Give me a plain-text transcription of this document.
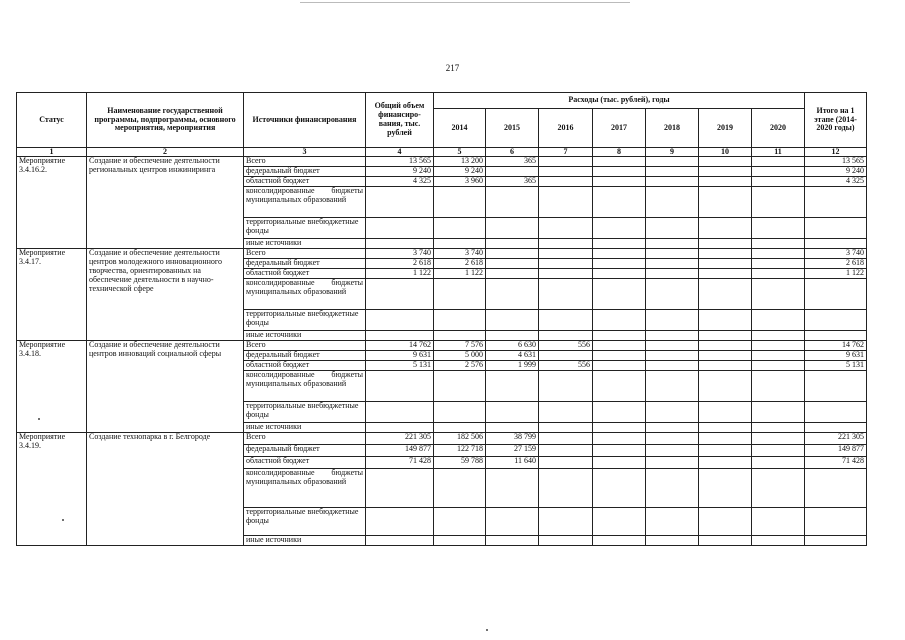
217
Статус	Наименование государственной программы, подпрограммы, основного мероприятия, мероприятия	Источники финансирования	Общий объем финансиро-вания, тыс. рублей	Расходы (тыс. рублей), годы							Итого на 1 этапе (2014-2020 годы)
				2014	2015	2016	2017	2018	2019	2020	
1	2	3	4	5	6	7	8	9	10	11	12
Мероприятие 3.4.16.2.	Создание и обеспечение деятельности региональных центров инжиниринга	Всего	13 565	13 200	365						13 565
		федеральный бюджет	9 240	9 240							9 240
		областной бюджет	4 325	3 960	365						4 325
		консолидированные бюджеты муниципальных образований									
		территориальные внебюджетные фонды									
		иные источники									
Мероприятие 3.4.17.	Создание и обеспечение деятельности центров молодежного инновационного творчества, ориентированных на обеспечение деятельности в научно-технической сфере	Всего	3 740	3 740							3 740
		федеральный бюджет	2 618	2 618							2 618
		областной бюджет	1 122	1 122							1 122
		консолидированные бюджеты муниципальных образований									
		территориальные внебюджетные фонды									
		иные источники									
Мероприятие 3.4.18.	Создание и обеспечение деятельности центров инноваций социальной сферы	Всего	14 762	7 576	6 630	556					14 762
		федеральный бюджет	9 631	5 000	4 631						9 631
		областной бюджет	5 131	2 576	1 999	556					5 131
		консолидированные бюджеты муниципальных образований									
		территориальные внебюджетные фонды									
		иные источники									
Мероприятие 3.4.19.	Создание технопарка в г. Белгороде	Всего	221 305	182 506	38 799						221 305
		федеральный бюджет	149 877	122 718	27 159						149 877
		областной бюджет	71 428	59 788	11 640						71 428
		консолидированные бюджеты муниципальных образований									
		территориальные внебюджетные фонды									
		иные источники									
